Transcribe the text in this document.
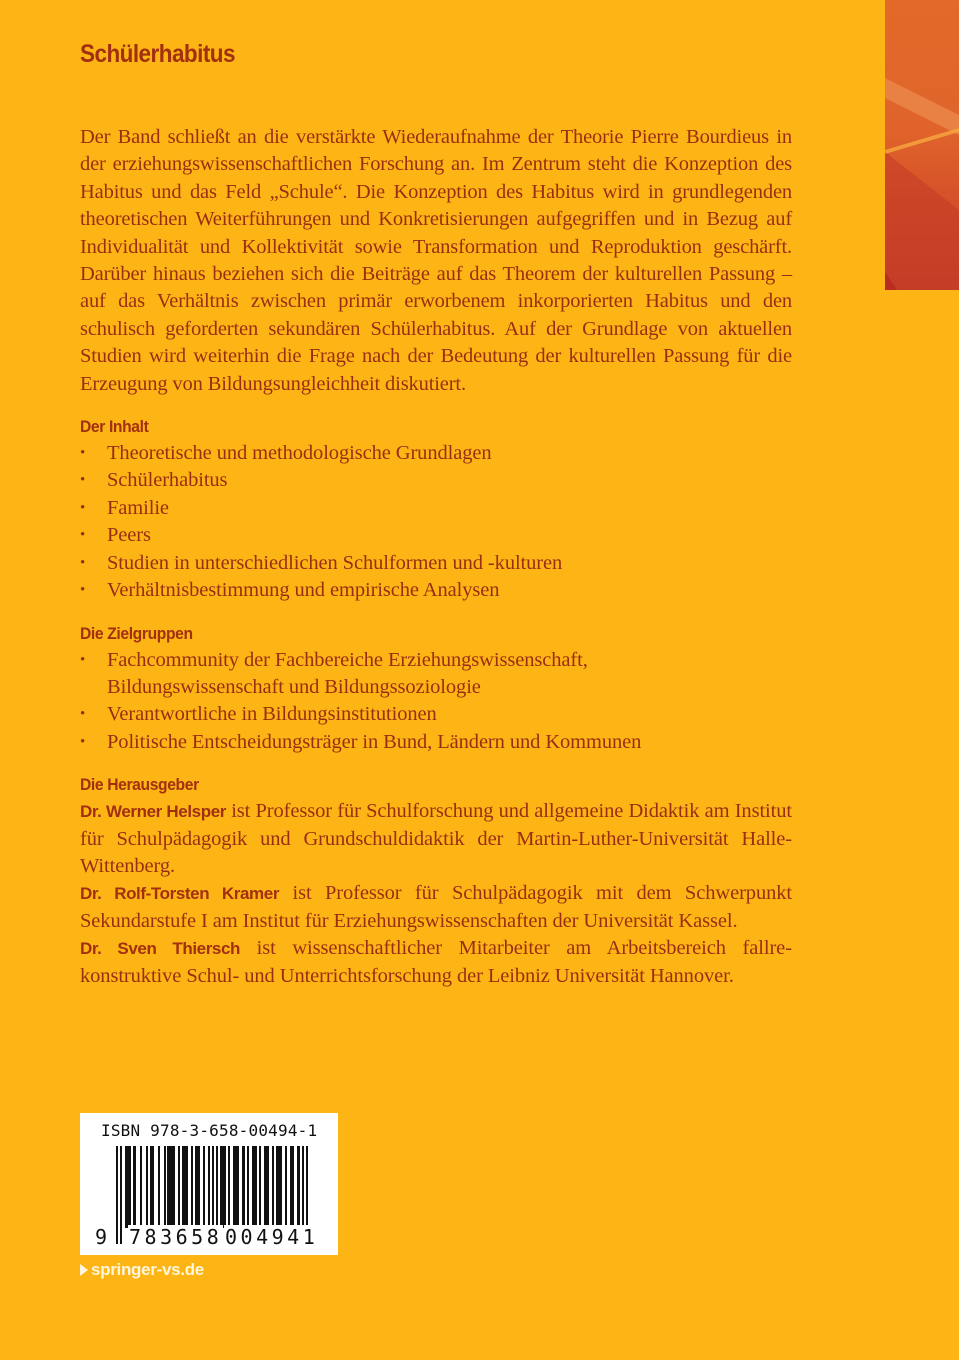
Schülerhabitus

Der Band schließt an die verstärkte Wiederaufnahme der Theorie Pierre Bourdieus in der erziehungswissenschaftlichen Forschung an. Im Zentrum steht die Konzeption des Habitus und das Feld „Schule“. Die Konzeption des Habitus wird in grundlegenden theoretischen Weiterführungen und Konkretisierungen aufgegriffen und in Bezug auf Individualität und Kollektivität sowie Transformation und Reproduktion geschärft. Darüber hinaus beziehen sich die Beiträge auf das Theorem der kulturellen Passung – auf das Verhältnis zwischen primär erworbenem inkorporierten Habitus und den schulisch geforderten sekundären Schülerhabitus. Auf der Grundlage von aktuellen Studien wird weiterhin die Frage nach der Bedeutung der kulturellen Passung für die Erzeugung von Bildungsungleichheit diskutiert.

Der Inhalt
• Theoretische und methodologische Grundlagen
• Schülerhabitus
• Familie
• Peers
• Studien in unterschiedlichen Schulformen und -kulturen
• Verhältnisbestimmung und empirische Analysen
Die Zielgruppen
• Fachcommunity der Fachbereiche Erziehungswissenschaft, Bildungswissenschaft und Bildungssoziologie
• Verantwortliche in Bildungsinstitutionen
• Politische Entscheidungsträger in Bund, Ländern und Kommunen
Die Herausgeber

Dr. Werner Helsper ist Professor für Schulforschung und allgemeine Didaktik am Institut für Schulpädagogik und Grundschuldidaktik der Martin-Luther-Universität Halle-Wittenberg.

Dr. Rolf-Torsten Kramer ist Professor für Schulpädagogik mit dem Schwerpunkt Sekundarstufe I am Institut für Erziehungswissenschaften der Universität Kassel.

Dr. Sven Thiersch ist wissenschaftlicher Mitarbeiter am Arbeitsbereich fallrekonstruktive Schul- und Unterrichtsforschung der Leibniz Universität Hannover.

ISBN 978-3-658-00494-1

9

783658

004941

springer-vs.de
